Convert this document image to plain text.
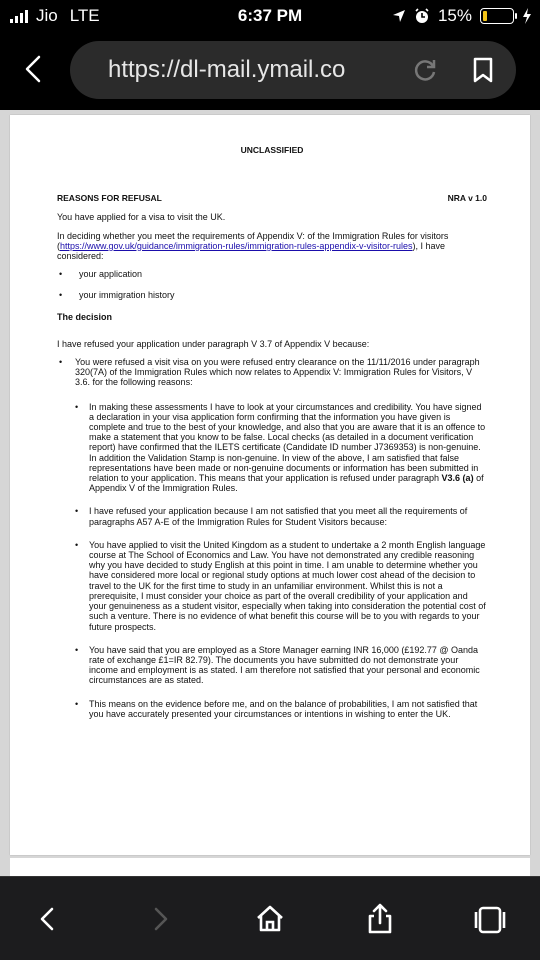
Jio LTE	6:37 PM	15%
https://dl-mail.ymail.co
UNCLASSIFIED
REASONS FOR REFUSAL	NRA v 1.0

You have applied for a visa to visit the UK.

In deciding whether you meet the requirements of Appendix V: of the Immigration Rules for visitors (https://www.gov.uk/guidance/immigration-rules/immigration-rules-appendix-v-visitor-rules), I have considered:

• your application
• your immigration history
The decision

I have refused your application under paragraph V 3.7 of Appendix V because:

• You were refused a visit visa on you were refused entry clearance on the 11/11/2016 under paragraph 320(7A) of the Immigration Rules which now relates to Appendix V: Immigration Rules for Visitors, V 3.6. for the following reasons:
• In making these assessments I have to look at your circumstances and credibility. You have signed a declaration in your visa application form confirming that the information you have given is complete and true to the best of your knowledge, and also that you are aware that it is an offence to make a statement that you know to be false. Local checks (as detailed in a document verification report) have confirmed that the ILETS certificate (Candidate ID number J7369353) is non-genuine. In addition the Validation Stamp is non-genuine. In view of the above, I am satisfied that false representations have been made or non-genuine documents or information has been submitted in relation to your application. This means that your application is refused under paragraph V3.6 (a) of Appendix V of the Immigration Rules.
• I have refused your application because I am not satisfied that you meet all the requirements of paragraphs A57 A-E of the Immigration Rules for Student Visitors because:
• You have applied to visit the United Kingdom as a student to undertake a 2 month English language course at The School of Economics and Law. You have not demonstrated any credible reasoning why you have decided to study English at this point in time. I am unable to determine whether you have considered more local or regional study options at much lower cost ahead of the decision to travel to the UK for the first time to study in an unfamiliar environment. Whilst this is not a prerequisite, I must consider your choice as part of the overall credibility of your application and your genuineness as a student visitor, especially when taking into consideration the potential cost of such a venture. There is no evidence of what benefit this course will be to you with regards to your future prospects.
• You have said that you are employed as a Store Manager earning INR 16,000 (£192.77 @ Oanda rate of exchange £1=IR 82.79). The documents you have submitted do not demonstrate your income and employment is as stated. I am therefore not satisfied that your personal and economic circumstances are as stated.
• This means on the evidence before me, and on the balance of probabilities, I am not satisfied that you have accurately presented your circumstances or intentions in wishing to enter the UK.
